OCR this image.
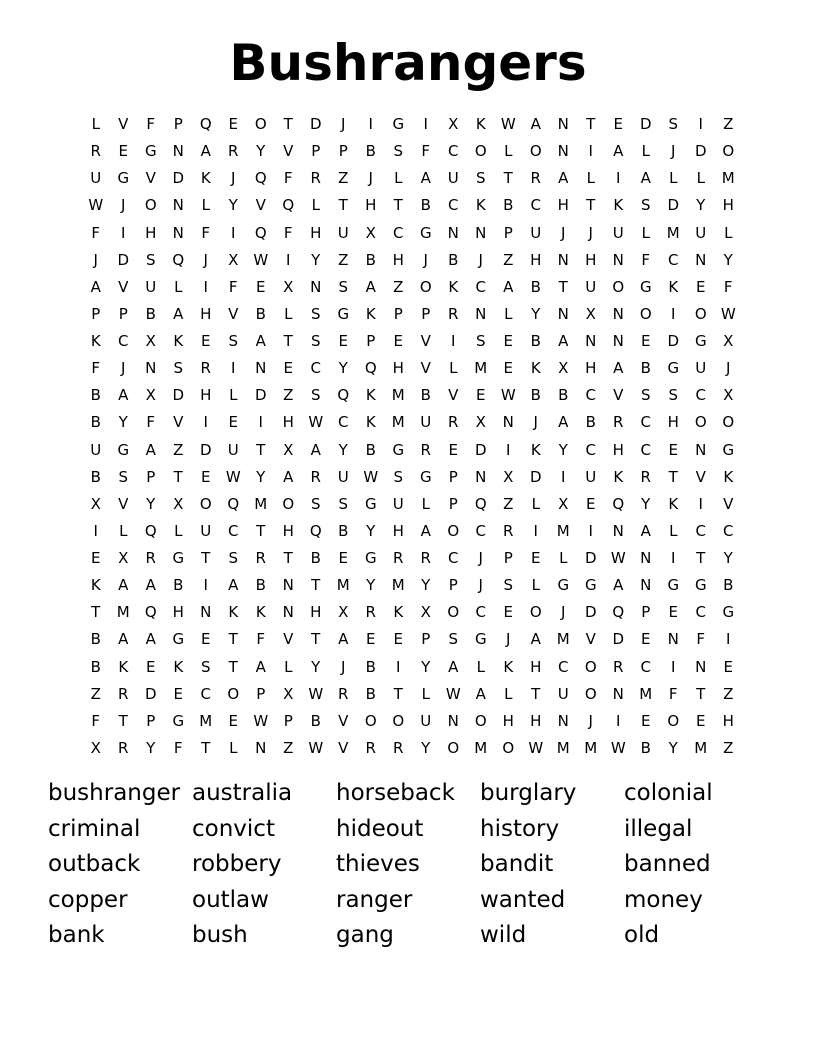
Bushrangers
L	V	F	P	Q	E	O	T	D	J	I	G	I	X	K	W A	N	T	E	D	S	I	Z
R	E	G	N	A	R	Y	V	P	P	B	S	F	C	O	L	O	N	I	A	L	J	D	O
U	G	V	D	K	J	Q	F	R	Z	J	L	A	U	S	T	R	A	L	I	A	L	L	M
W	J	O	N	L	Y	V	Q	L	T	H	T	B	C	K	B	C	H	T	K	S	D	Y	H
F	I	H	N	F	I	Q	F	H	U	X	C	G	N	N	P	U	J	J	U	L	M	U	L
J	D	S	Q	J	X W	I	Y	Z	B	H	J	B	J	Z	H	N	H	N	F	C	N	Y
A	V	U	L	I	F	E	X	N	S	A	Z	O	K	C	A	B	T	U	O	G	K	E	F
P	P	B	A	H	V	B	L	S	G	K	P	P	R	N	L	Y	N	X	N	O	I	O W
K	C	X	K	E	S	A	T	S	E	P	E	V	I	S	E	B	A	N	N	E	D	G	X
F	J	N	S	R	I	N	E	C	Y	Q	H	V	L	M	E	K	X	H	A	B	G	U	J
B	A	X	D	H	L	D	Z	S	Q	K	M	B	V	E	W B	B	C	V	S	S	C	X
B	Y	F	V	I	E	I	H W C	K	M	U	R	X	N	J	A	B	R	C	H	O	O
U	G	A	Z	D	U	T	X	A	Y	B	G	R	E	D	I	K	Y	C	H	C	E	N	G
B	S	P	T	E	W	Y	A	R	U W	S	G	P	N	X	D	I	U	K	R	T	V	K
X	V	Y	X	O	Q	M	O	S	S	G	U	L	P	Q	Z	L	X	E	Q	Y	K	I	V
I	L	Q	L	U	C	T	H	Q	B	Y	H	A	O	C	R	I	M	I	N	A	L	C	C
E	X	R	G	T	S	R	T	B	E	G	R	R	C	J	P	E	L	D W N	I	T	Y
K	A	A	B	I	A	B	N	T	M	Y	M	Y	P	J	S	L	G	G	A	N	G	G	B
T	M	Q	H	N	K	K	N	H	X	R	K	X	O	C	E	O	J	D	Q	P	E	C	G
B	A	A	G	E	T	F	V	T	A	E	E	P	S	G	J	A	M	V	D	E	N	F	I
B	K	E	K	S	T	A	L	Y	J	B	I	Y	A	L	K	H	C	O	R	C	I	N	E
Z	R	D	E	C	O	P	X W R	B	T	L	W A	L	T	U	O	N	M	F	T	Z
F	T	P	G	M	E	W	P	B	V	O	O	U	N	O	H	H	N	J	I	E	O	E	H
X	R	Y	F	T	L	N	Z W V	R	R	Y	O	M	O W M M W B	Y	M	Z
bushranger australia	horseback	burglary	colonial
criminal	convict	hideout	history	illegal
outback	robbery	thieves	bandit	banned
copper	outlaw	ranger	wanted	money
bank	bush	gang	wild	old
